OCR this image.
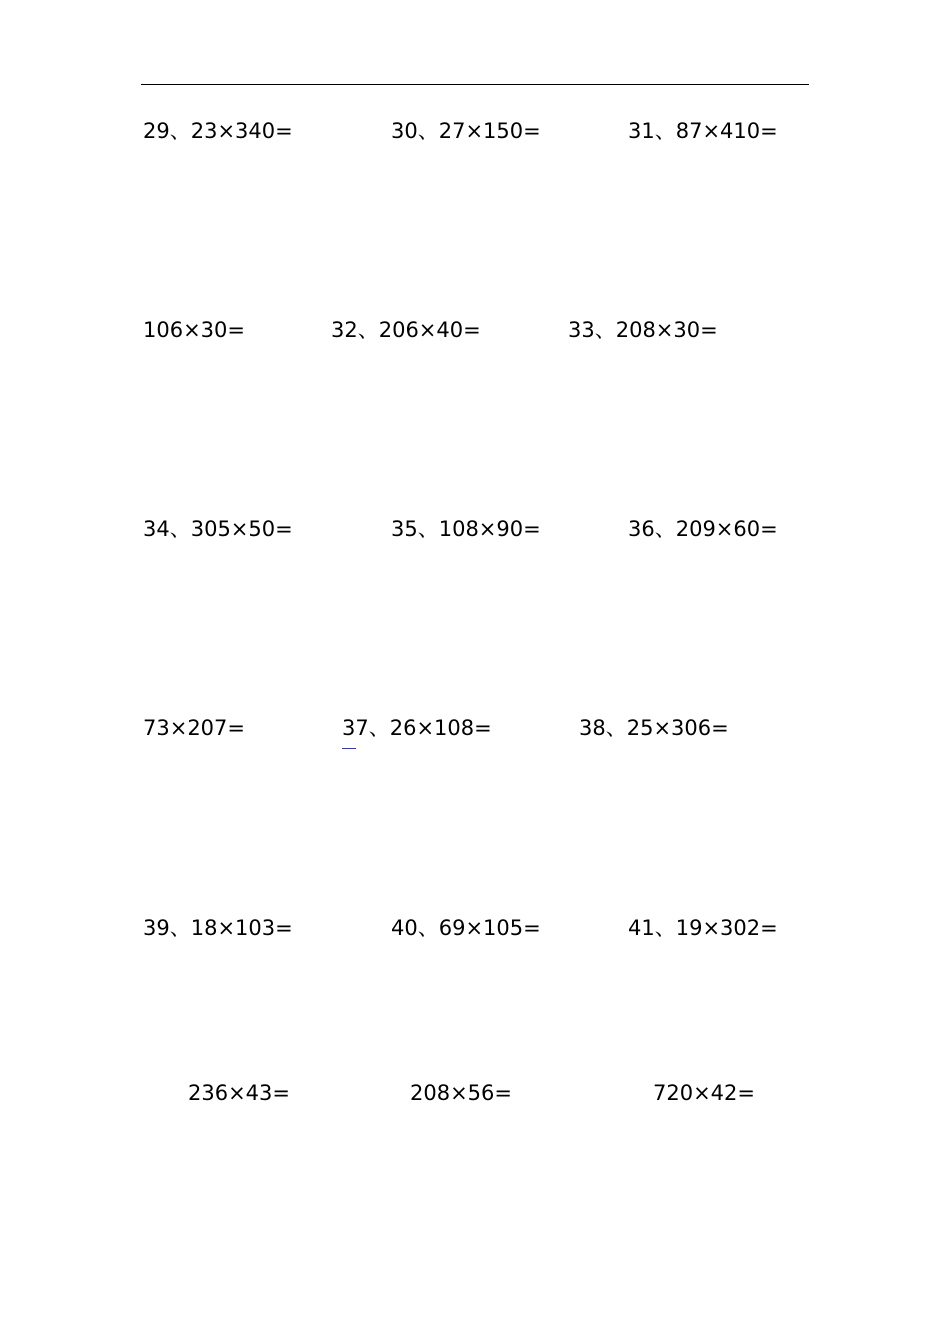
29、23×340=	30、27×150=	31、87×410=
106×30=	32、206×40=	33、208×30=
34、305×50=	35、108×90=	36、209×60=
73×207=	37、26×108=	38、25×306=
39、18×103=	40、69×105=	41、19×302=
236×43=	208×56=	720×42=
